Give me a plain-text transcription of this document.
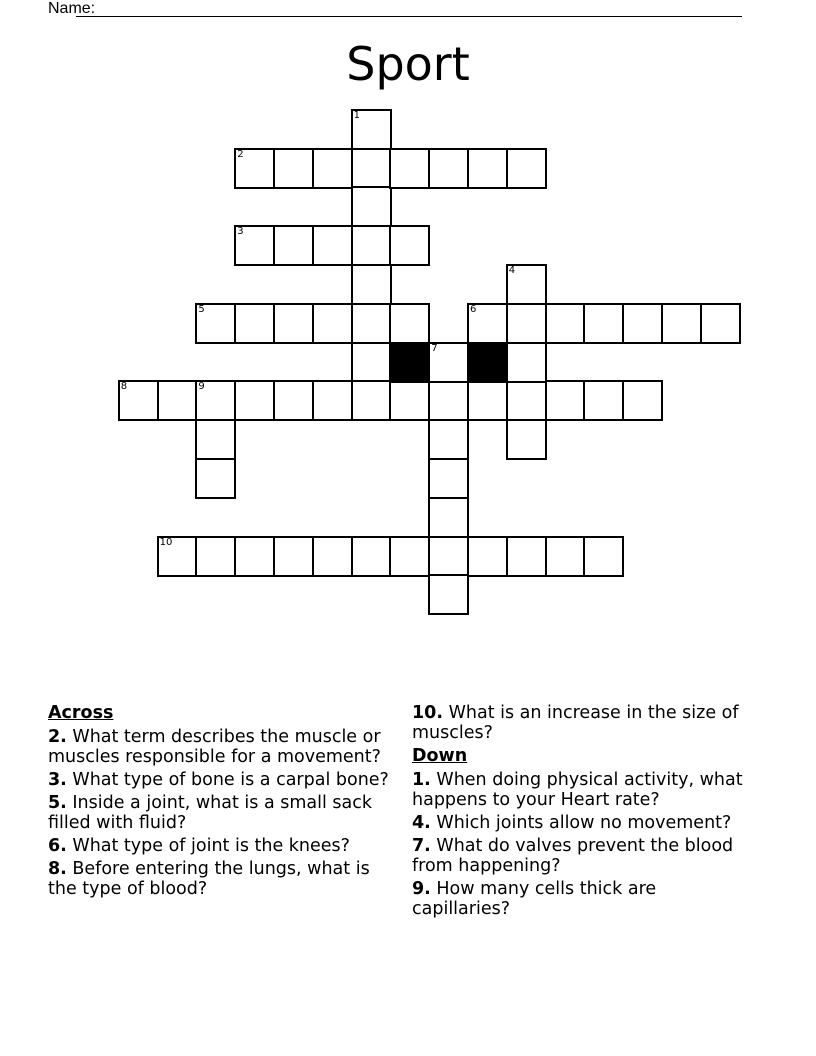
Name:
Sport
1
2
3
5	6
4
8	9
7
10
Across
2. What term describes the muscle or muscles responsible for a movement?
3. What type of bone is a carpal bone?
5. Inside a joint, what is a small sack filled with fluid?
6. What type of joint is the knees?
8. Before entering the lungs, what is the type of blood?
10. What is an increase in the size of muscles?
Down
1. When doing physical activity, what happens to your Heart rate?
4. Which joints allow no movement?
7. What do valves prevent the blood from happening?
9. How many cells thick are capillaries?
